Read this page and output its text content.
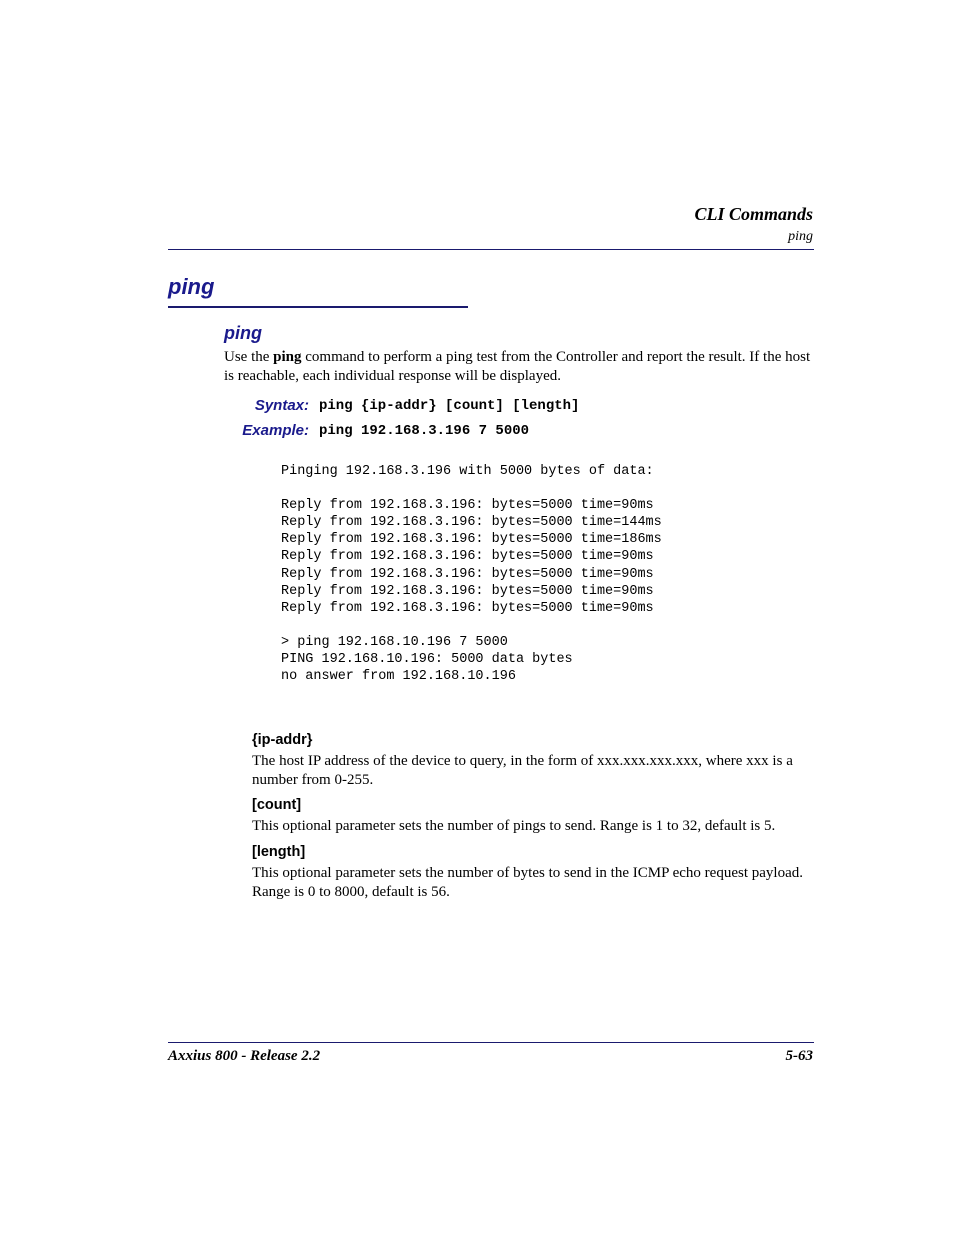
CLI Commands
ping
ping
ping
Use the ping command to perform a ping test from the Controller and report the result. If the host is reachable, each individual response will be displayed.
Syntax: ping {ip-addr} [count] [length]
Example: ping 192.168.3.196 7 5000
Pinging 192.168.3.196 with 5000 bytes of data:

Reply from 192.168.3.196: bytes=5000 time=90ms
Reply from 192.168.3.196: bytes=5000 time=144ms
Reply from 192.168.3.196: bytes=5000 time=186ms
Reply from 192.168.3.196: bytes=5000 time=90ms
Reply from 192.168.3.196: bytes=5000 time=90ms
Reply from 192.168.3.196: bytes=5000 time=90ms
Reply from 192.168.3.196: bytes=5000 time=90ms

> ping 192.168.10.196 7 5000
PING 192.168.10.196: 5000 data bytes
no answer from 192.168.10.196
{ip-addr}
The host IP address of the device to query, in the form of xxx.xxx.xxx.xxx, where xxx is a number from 0-255.
[count]
This optional parameter sets the number of pings to send. Range is 1 to 32, default is 5.
[length]
This optional parameter sets the number of bytes to send in the ICMP echo request payload. Range is 0 to 8000, default is 56.
Axxius 800 - Release 2.2	5-63
